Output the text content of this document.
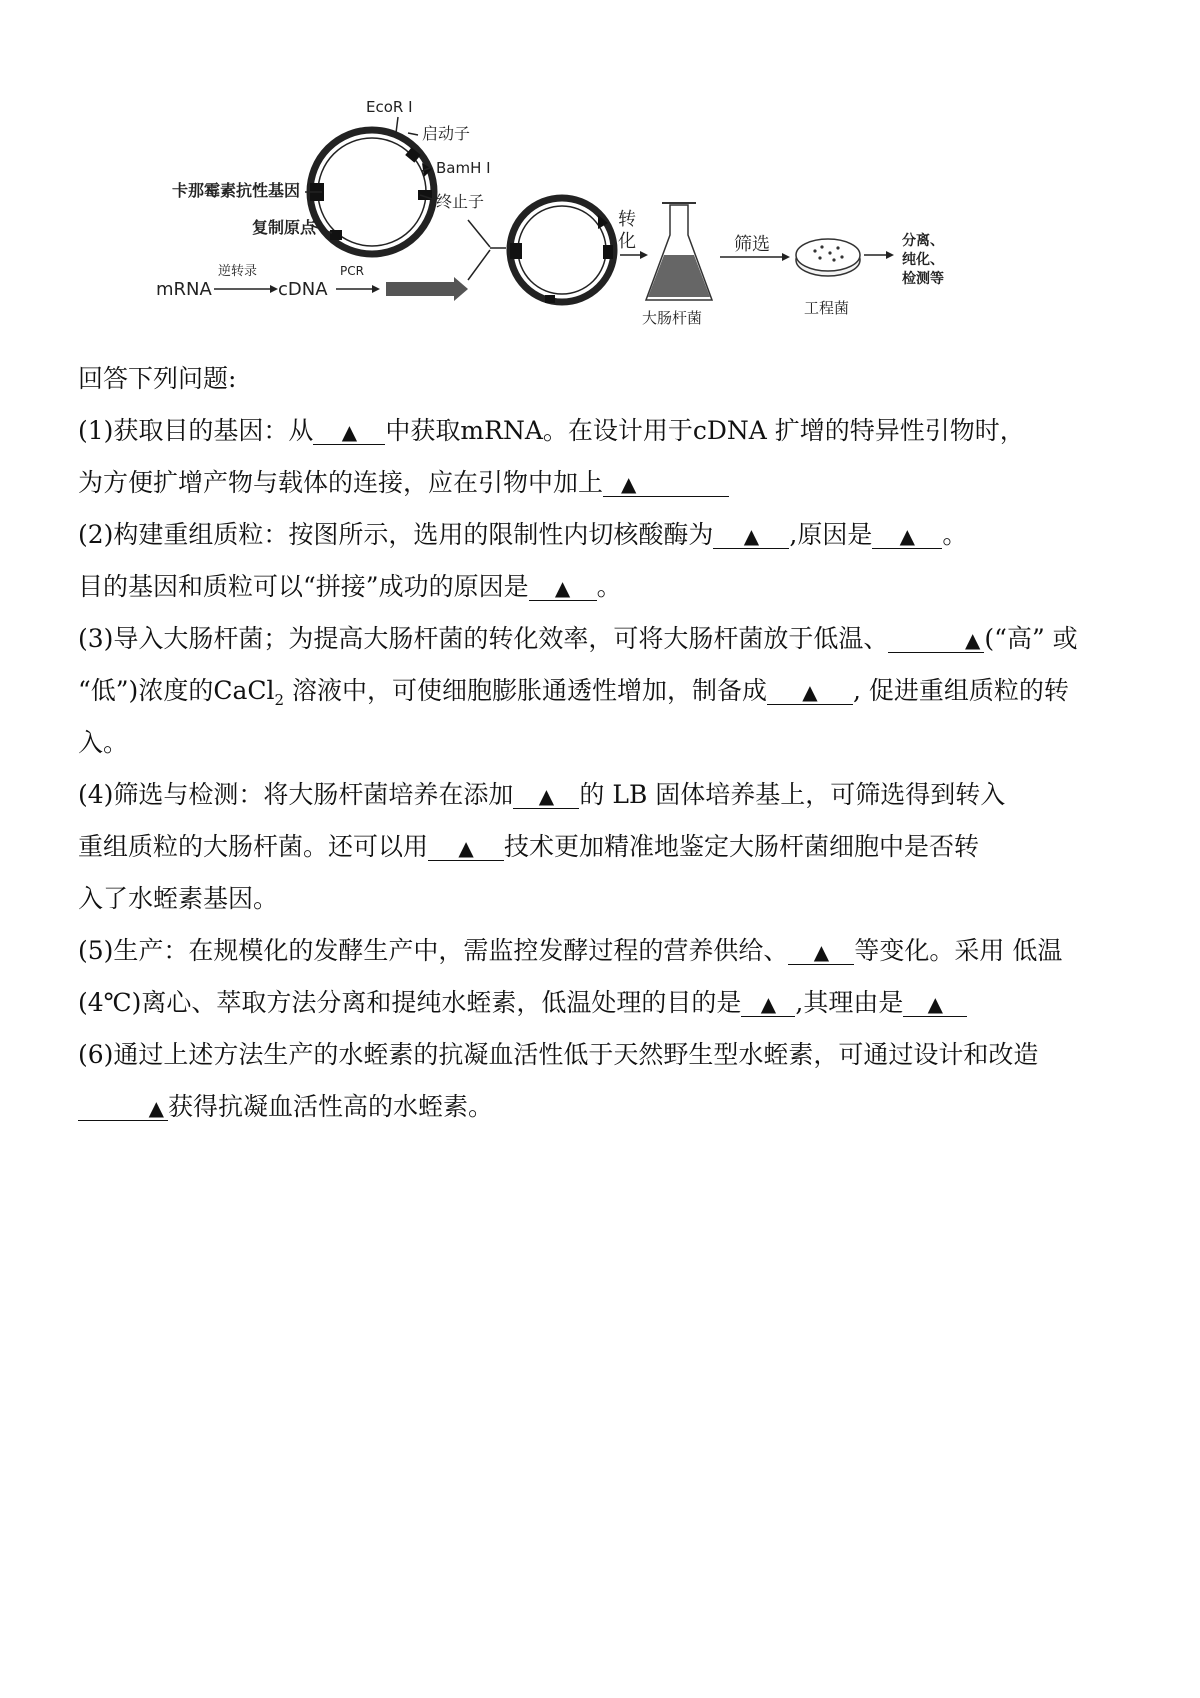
EcoR I
启动子
BamH I
卡那霉素抗性基因
终止子
复制原点	转
化
大肠杆菌
筛选
工程菌
分离、
纯化、
检测等
mRNA
逆转录
cDNA
PCR
回答下列问题:
(1)获取目的基因：从 ▲ 中获取mRNA。在设计用于cDNA 扩增的特异性引物时，
为方便扩增产物与载体的连接，应在引物中加上 ▲
(2)构建重组质粒：按图所示，选用的限制性内切核酸酶为 ▲ ,原因是 ▲ 。
目的基因和质粒可以“拼接”成功的原因是 ▲ 。
(3)导入大肠杆菌；为提高大肠杆菌的转化效率，可将大肠杆菌放于低温、	▲ (“高” 或
“低”)浓度的CaCl$_2$ 溶液中，可使细胞膨胀通透性增加，制备成 ▲ , 促进重组质粒的转
入。
(4)筛选与检测：将大肠杆菌培养在添加 ▲ 的 LB 固体培养基上，可筛选得到转入
重组质粒的大肠杆菌。还可以用 ▲ 技术更加精准地鉴定大肠杆菌细胞中是否转
入了水蛭素基因。
(5)生产：在规模化的发酵生产中，需监控发酵过程的营养供给、 ▲ 等变化。采用 低温
(4℃)离心、萃取方法分离和提纯水蛭素，低温处理的目的是 ▲ ,其理由是 ▲
(6)通过上述方法生产的水蛭素的抗凝血活性低于天然野生型水蛭素，可通过设计和改造
▲ 获得抗凝血活性高的水蛭素。
